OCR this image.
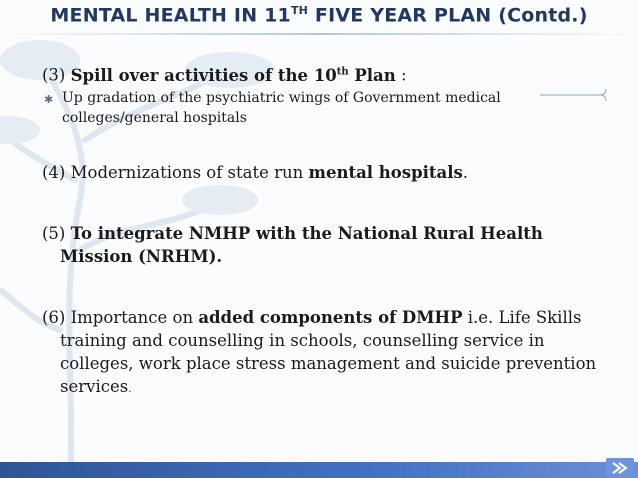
MENTAL HEALTH IN 11TH FIVE YEAR PLAN (Contd.)
(3) Spill over activities of the 10th Plan :
✱ Up gradation of the psychiatric wings of Government medical colleges/general hospitals
(4) Modernizations of state run mental hospitals.
(5) To integrate NMHP with the National Rural Health Mission (NRHM).
(6) Importance on added components of DMHP i.e. Life Skills training and counselling in schools, counselling service in colleges, work place stress management and suicide prevention services.
